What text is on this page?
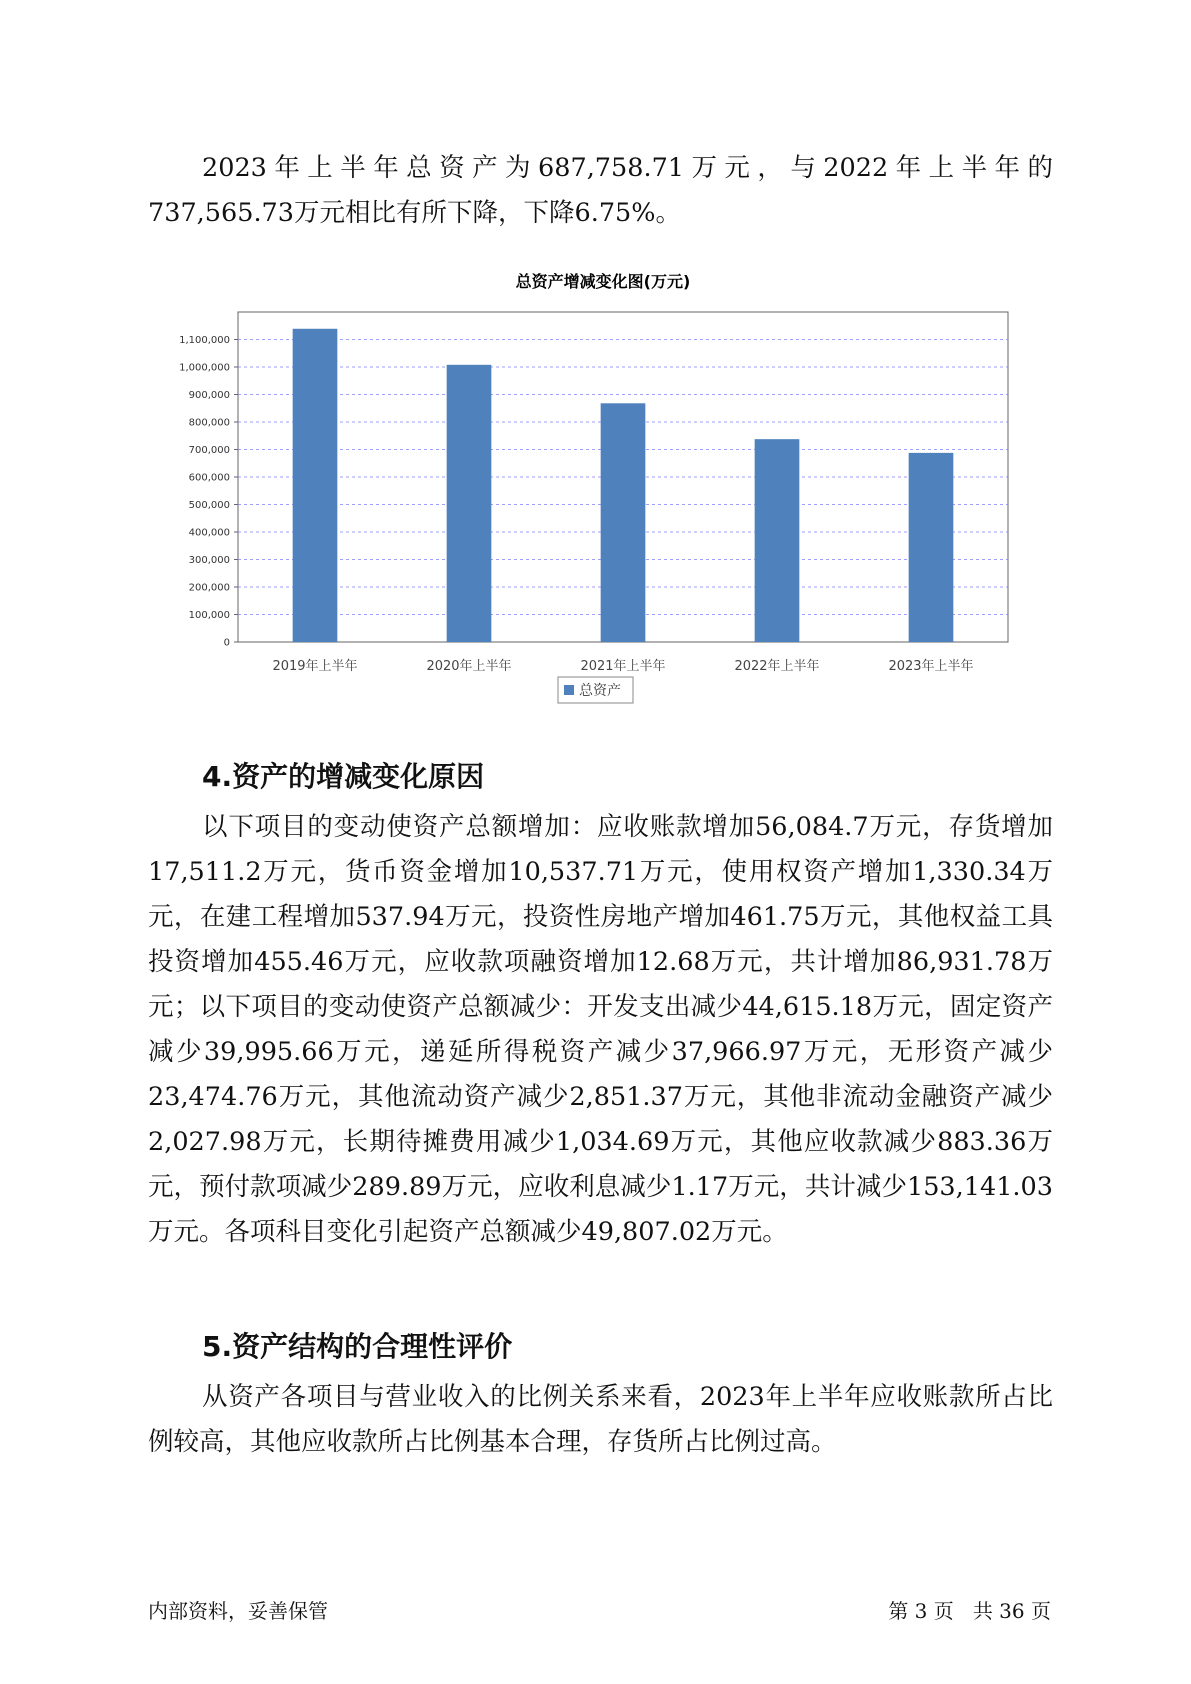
2023年上半年总资产为687,758.71万元，与2022年上半年的737,565.73万元相比有所下降，下降6.75%。

总资产增减变化图(万元)
0
100,000
200,000
300,000
400,000
500,000
600,000
700,000
800,000
900,000
1,000,000
1,100,000
2019年上半年	2020年上半年	2021年上半年	2022年上半年	2023年上半年
总资产

4.资产的增减变化原因

以下项目的变动使资产总额增加：应收账款增加56,084.7万元，存货增加17,511.2万元，货币资金增加10,537.71万元，使用权资产增加1,330.34万元，在建工程增加537.94万元，投资性房地产增加461.75万元，其他权益工具投资增加455.46万元，应收款项融资增加12.68万元，共计增加86,931.78万元；以下项目的变动使资产总额减少：开发支出减少44,615.18万元，固定资产减少39,995.66万元，递延所得税资产减少37,966.97万元，无形资产减少23,474.76万元，其他流动资产减少2,851.37万元，其他非流动金融资产减少2,027.98万元，长期待摊费用减少1,034.69万元，其他应收款减少883.36万元，预付款项减少289.89万元，应收利息减少1.17万元，共计减少153,141.03万元。各项科目变化引起资产总额减少49,807.02万元。

5.资产结构的合理性评价

从资产各项目与营业收入的比例关系来看，2023年上半年应收账款所占比例较高，其他应收款所占比例基本合理，存货所占比例过高。

内部资料，妥善保管	第 3 页   共 36 页
